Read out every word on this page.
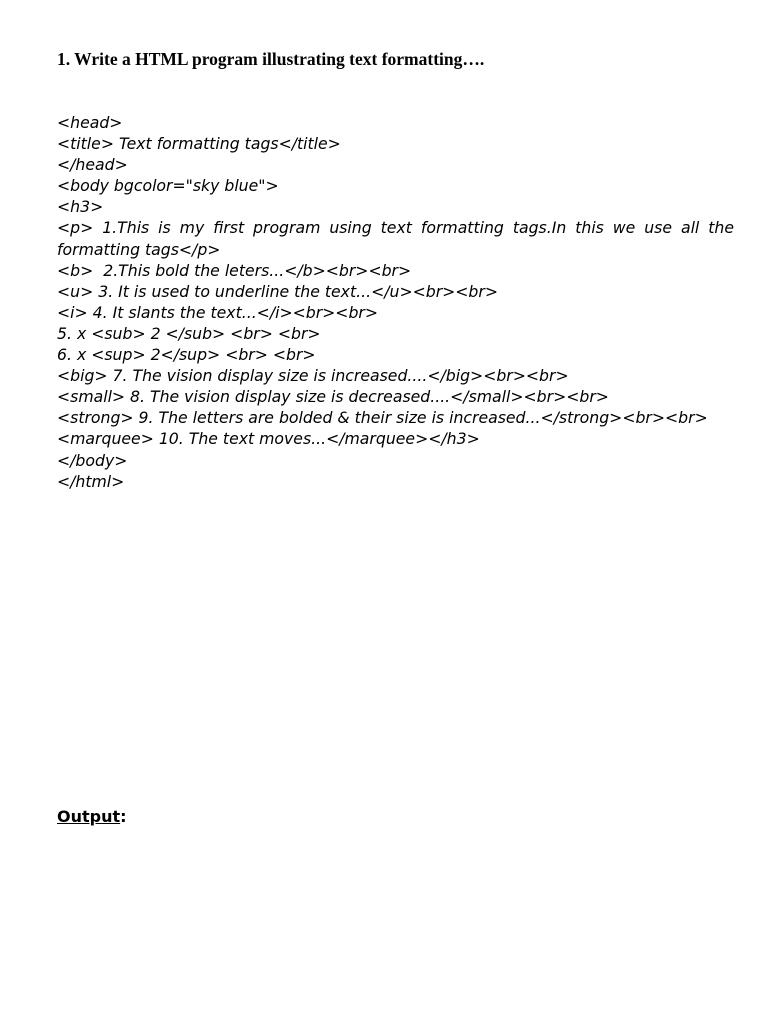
1. Write a HTML program illustrating text formatting….
<head>
<title> Text formatting tags</title>
</head>
<body bgcolor="sky blue">
<h3>
<p> 1.This is my first program using text formatting tags.In this we use all the formatting tags</p>
<b>  2.This bold the leters...</b><br><br>
<u> 3. It is used to underline the text...</u><br><br>
<i> 4. It slants the text...</i><br><br>
5. x <sub> 2 </sub> <br> <br>
6. x <sup> 2</sup> <br> <br>
<big> 7. The vision display size is increased....</big><br><br>
<small> 8. The vision display size is decreased....</small><br><br>
<strong> 9. The letters are bolded & their size is increased...</strong><br><br>
<marquee> 10. The text moves...</marquee></h3>
</body>
</html>
Output:
